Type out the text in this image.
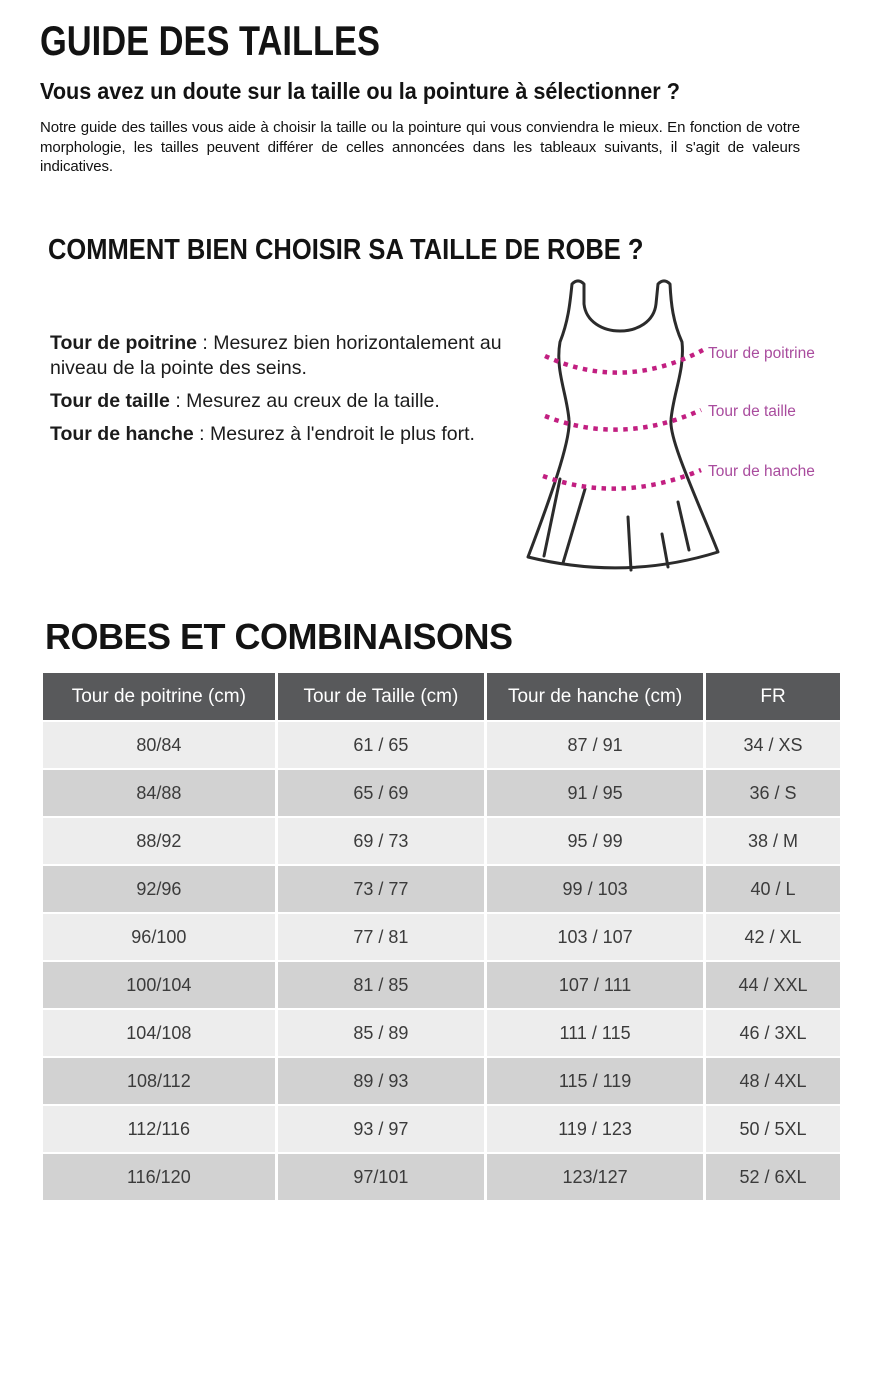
GUIDE DES TAILLES
Vous avez un doute sur la taille ou la pointure à sélectionner ?

Notre guide des tailles vous aide à choisir la taille ou la pointure qui vous conviendra le mieux. En fonction de votre morphologie, les tailles peuvent différer de celles annoncées dans les tableaux suivants, il s'agit de valeurs indicatives.

COMMENT BIEN CHOISIR SA TAILLE DE ROBE ?

Tour de poitrine : Mesurez bien horizontalement au niveau de la pointe des seins.

Tour de taille : Mesurez au creux de la taille.

Tour de hanche : Mesurez à l'endroit le plus fort.

Tour de poitrine
Tour de taille
Tour de hanche
ROBES ET COMBINAISONS
Tour de poitrine (cm)	Tour de Taille (cm)	Tour de hanche (cm)	FR
80/84	61 / 65	87 / 91	34 / XS
84/88	65 / 69	91 / 95	36 / S
88/92	69 / 73	95 / 99	38 / M
92/96	73 / 77	99 / 103	40 / L
96/100	77 / 81	103 / 107	42 / XL
100/104	81 / 85	107 / 111	44 / XXL
104/108	85 / 89	111 / 115	46 / 3XL
108/112	89 / 93	115 / 119	48 / 4XL
112/116	93 / 97	119 / 123	50 / 5XL
116/120	97/101	123/127	52 / 6XL
